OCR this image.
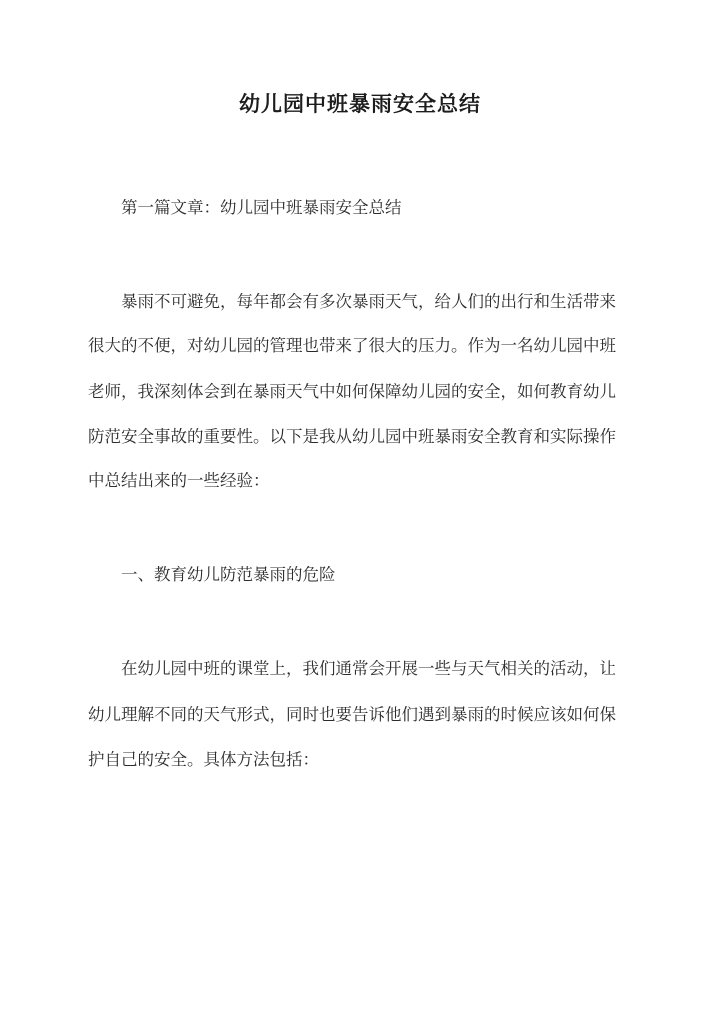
幼儿园中班暴雨安全总结
第一篇文章：幼儿园中班暴雨安全总结
暴雨不可避免，每年都会有多次暴雨天气，给人们的出行和生活带来
很大的不便，对幼儿园的管理也带来了很大的压力。作为一名幼儿园中班
老师，我深刻体会到在暴雨天气中如何保障幼儿园的安全，如何教育幼儿
防范安全事故的重要性。以下是我从幼儿园中班暴雨安全教育和实际操作
中总结出来的一些经验：
一、教育幼儿防范暴雨的危险
在幼儿园中班的课堂上，我们通常会开展一些与天气相关的活动，让
幼儿理解不同的天气形式，同时也要告诉他们遇到暴雨的时候应该如何保
护自己的安全。具体方法包括：
